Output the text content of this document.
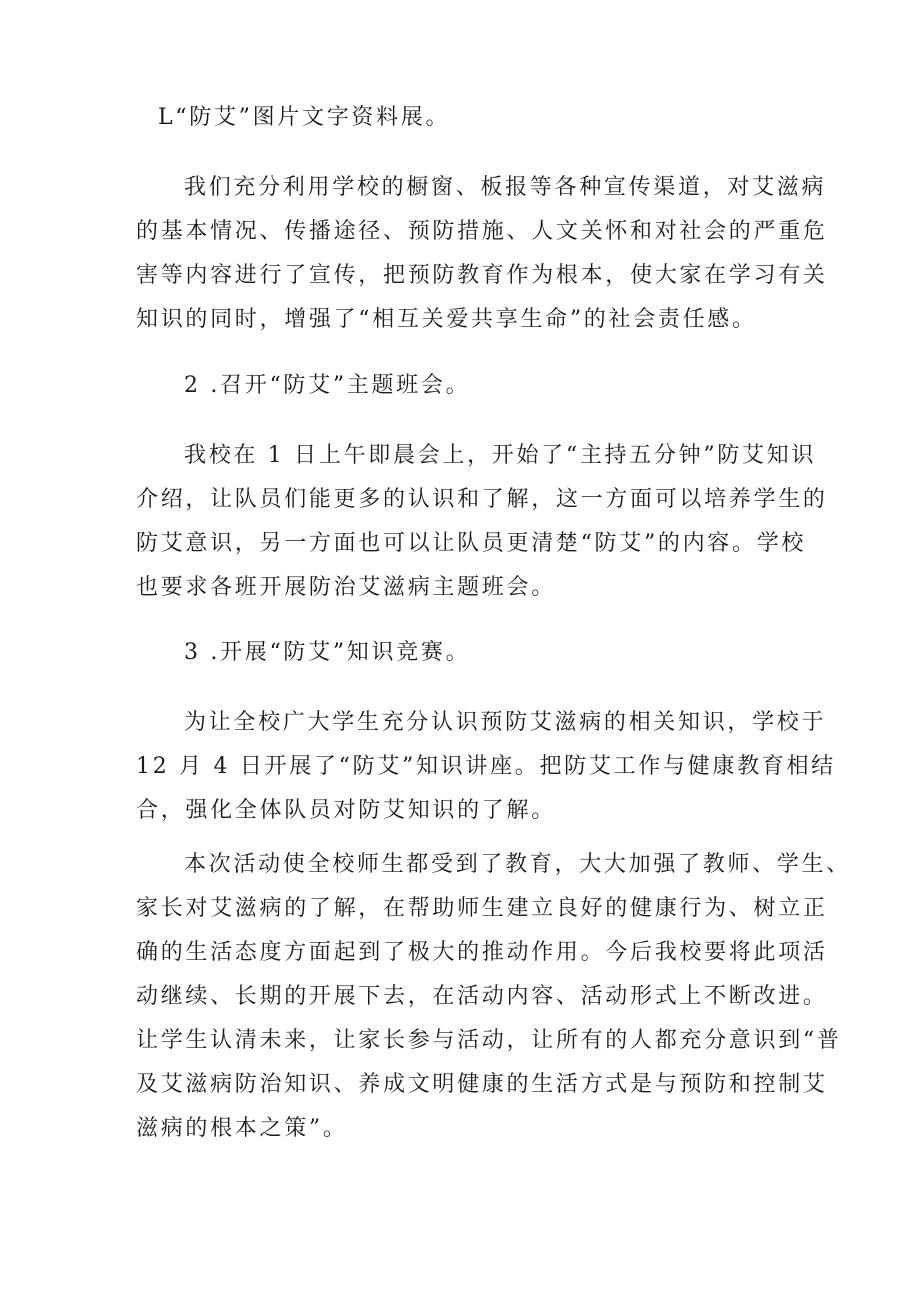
L“防艾”图片文字资料展。
我们充分利用学校的橱窗、板报等各种宣传渠道，对艾滋病
的基本情况、传播途径、预防措施、人文关怀和对社会的严重危
害等内容进行了宣传，把预防教育作为根本，使大家在学习有关
知识的同时，增强了“相互关爱共享生命”的社会责任感。
2 .召开“防艾”主题班会。
我校在 1 日上午即晨会上，开始了“主持五分钟”防艾知识
介绍，让队员们能更多的认识和了解，这一方面可以培养学生的
防艾意识，另一方面也可以让队员更清楚“防艾”的内容。学校
也要求各班开展防治艾滋病主题班会。
3 .开展“防艾”知识竞赛。
为让全校广大学生充分认识预防艾滋病的相关知识，学校于
12 月 4 日开展了“防艾”知识讲座。把防艾工作与健康教育相结
合，强化全体队员对防艾知识的了解。
本次活动使全校师生都受到了教育，大大加强了教师、学生、
家长对艾滋病的了解，在帮助师生建立良好的健康行为、树立正
确的生活态度方面起到了极大的推动作用。今后我校要将此项活
动继续、长期的开展下去，在活动内容、活动形式上不断改进。
让学生认清未来，让家长参与活动，让所有的人都充分意识到“普
及艾滋病防治知识、养成文明健康的生活方式是与预防和控制艾
滋病的根本之策”。
